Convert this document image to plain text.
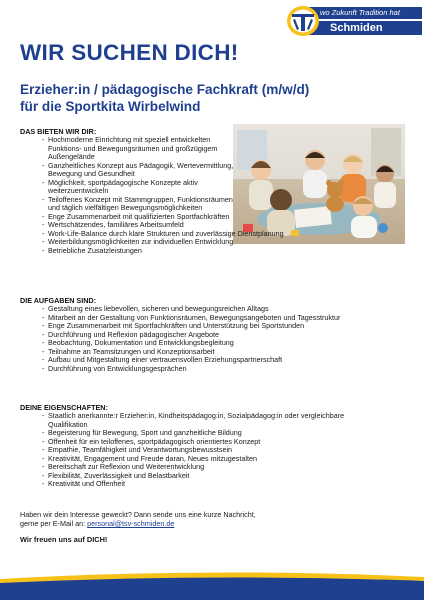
wo Zukunft Tradition hat
Schmiden
WIR SUCHEN DICH!
Erzieher:in / pädagogische Fachkraft (m/w/d)
für die Sportkita Wirbelwind
DAS BIETEN WIR DIR:
- Hochmoderne Einrichtung mit speziell entwickelten Funktions- und Bewegungsräumen und großzügigem Außengelände
- Ganzheitliches Konzept aus Pädagogik, Wertevermittlung, Bewegung und Gesundheit
- Möglichkeit, sportpädagogische Konzepte aktiv weiterzuentwickeln
- Teiloffenes Konzept mit Stammgruppen, Funktionsräumen und täglich vielfältigen Bewegungsmöglichkeiten
- Enge Zusammenarbeit mit qualifizierten Sportfachkräften
- Wertschätzendes, familiäres Arbeitsumfeld
- Work-Life-Balance durch klare Strukturen und zuverlässige Dienstplanung
- Weiterbildungsmöglichkeiten zur individuellen Entwicklung
- Betriebliche Zusatzleistungen
DIE AUFGABEN SIND:
- Gestaltung eines liebevollen, sicheren und bewegungsreichen Alltags
- Mitarbeit an der Gestaltung von Funktionsräumen, Bewegungsangeboten und Tagesstruktur
- Enge Zusammenarbeit mit Sportfachkräften und Unterstützung bei Sportstunden
- Durchführung und Reflexion pädagogischer Angebote
- Beobachtung, Dokumentation und Entwicklungsbegleitung
- Teilnahme an Teamsitzungen und Konzeptionsarbeit
- Aufbau und Mitgestaltung einer vertrauensvollen Erziehungspartnerschaft
- Durchführung von Entwicklungsgesprächen
DEINE EIGENSCHAFTEN:
- Staatlich anerkannte:r Erzieher:in, Kindheitspädagog:in, Sozialpädagog:in oder vergleichbare Qualifikation
- Begeisterung für Bewegung, Sport und ganzheitliche Bildung
- Offenheit für ein teiloffenes, sportpädagogisch orientiertes Konzept
- Empathie, Teamfähigkeit und Verantwortungsbewusstsein
- Kreativität, Engagement und Freude daran, Neues mitzugestalten
- Bereitschaft zur Reflexion und Weiterentwicklung
- Flexibilität, Zuverlässigkeit und Belastbarkeit
- Kreativität und Offenheit

Haben wir dein Interesse geweckt? Dann sende uns eine kurze Nachricht,
gerne per E-Mail an: personal@tsv-schmiden.de

Wir freuen uns auf DICH!
